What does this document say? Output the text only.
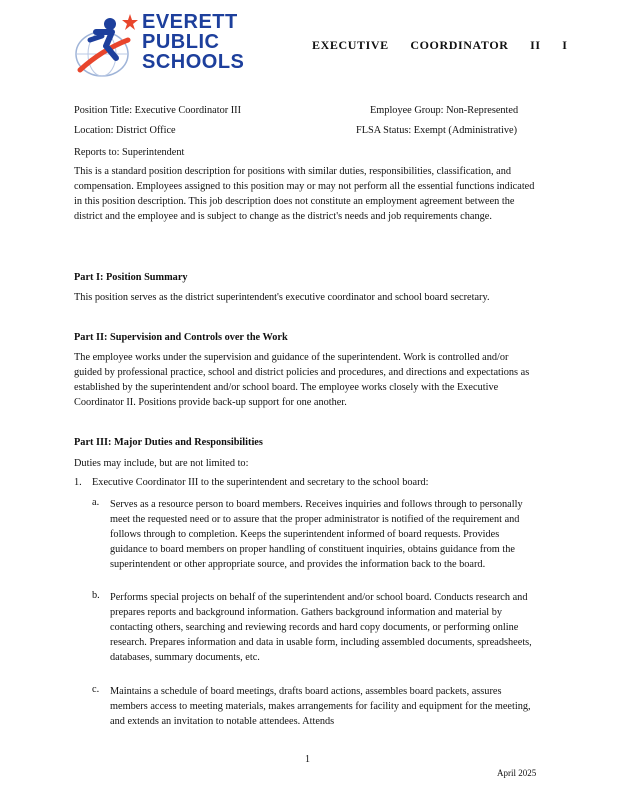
EVERETT
PUBLIC
SCHOOLS
EXECUTIVE COORDINATOR II I
Position Title: Executive Coordinator III	Employee Group: Non-Represented
Location: District Office	FLSA Status: Exempt (Administrative)
Reports to: Superintendent

This is a standard position description for positions with similar duties, responsibilities, classification, and compensation. Employees assigned to this position may or may not perform all the essential functions indicated in this position description. This job description does not constitute an employment agreement between the district and the employee and is subject to change as the district's needs and job requirements change.

Part I: Position Summary

This position serves as the district superintendent's executive coordinator and school board secretary.

Part II: Supervision and Controls over the Work

The employee works under the supervision and guidance of the superintendent. Work is controlled and/or guided by professional practice, school and district policies and procedures, and directions and expectations as established by the superintendent and/or school board. The employee works closely with the Executive Coordinator II. Positions provide back-up support for one another.

Part III: Major Duties and Responsibilities

Duties may include, but are not limited to:
1. Executive Coordinator III to the superintendent and secretary to the school board:
a. Serves as a resource person to board members. Receives inquiries and follows through to personally meet the requested need or to assure that the proper administrator is notified of the requirement and follows through to completion. Keeps the superintendent informed of board requests. Provides guidance to board members on proper handling of constituent inquiries, obtains guidance from the superintendent or other appropriate source, and provides the information back to the board.

b. Performs special projects on behalf of the superintendent and/or school board. Conducts research and prepares reports and background information. Gathers background information and material by contacting others, searching and reviewing records and hard copy documents, or performing online research. Prepares information and data in usable form, including assembled documents, spreadsheets, databases, summary documents, etc.

c. Maintains a schedule of board meetings, drafts board actions, assembles board packets, assures members access to meeting materials, makes arrangements for facility and equipment for the meeting, and extends an invitation to notable attendees. Attends

1
April 2025
